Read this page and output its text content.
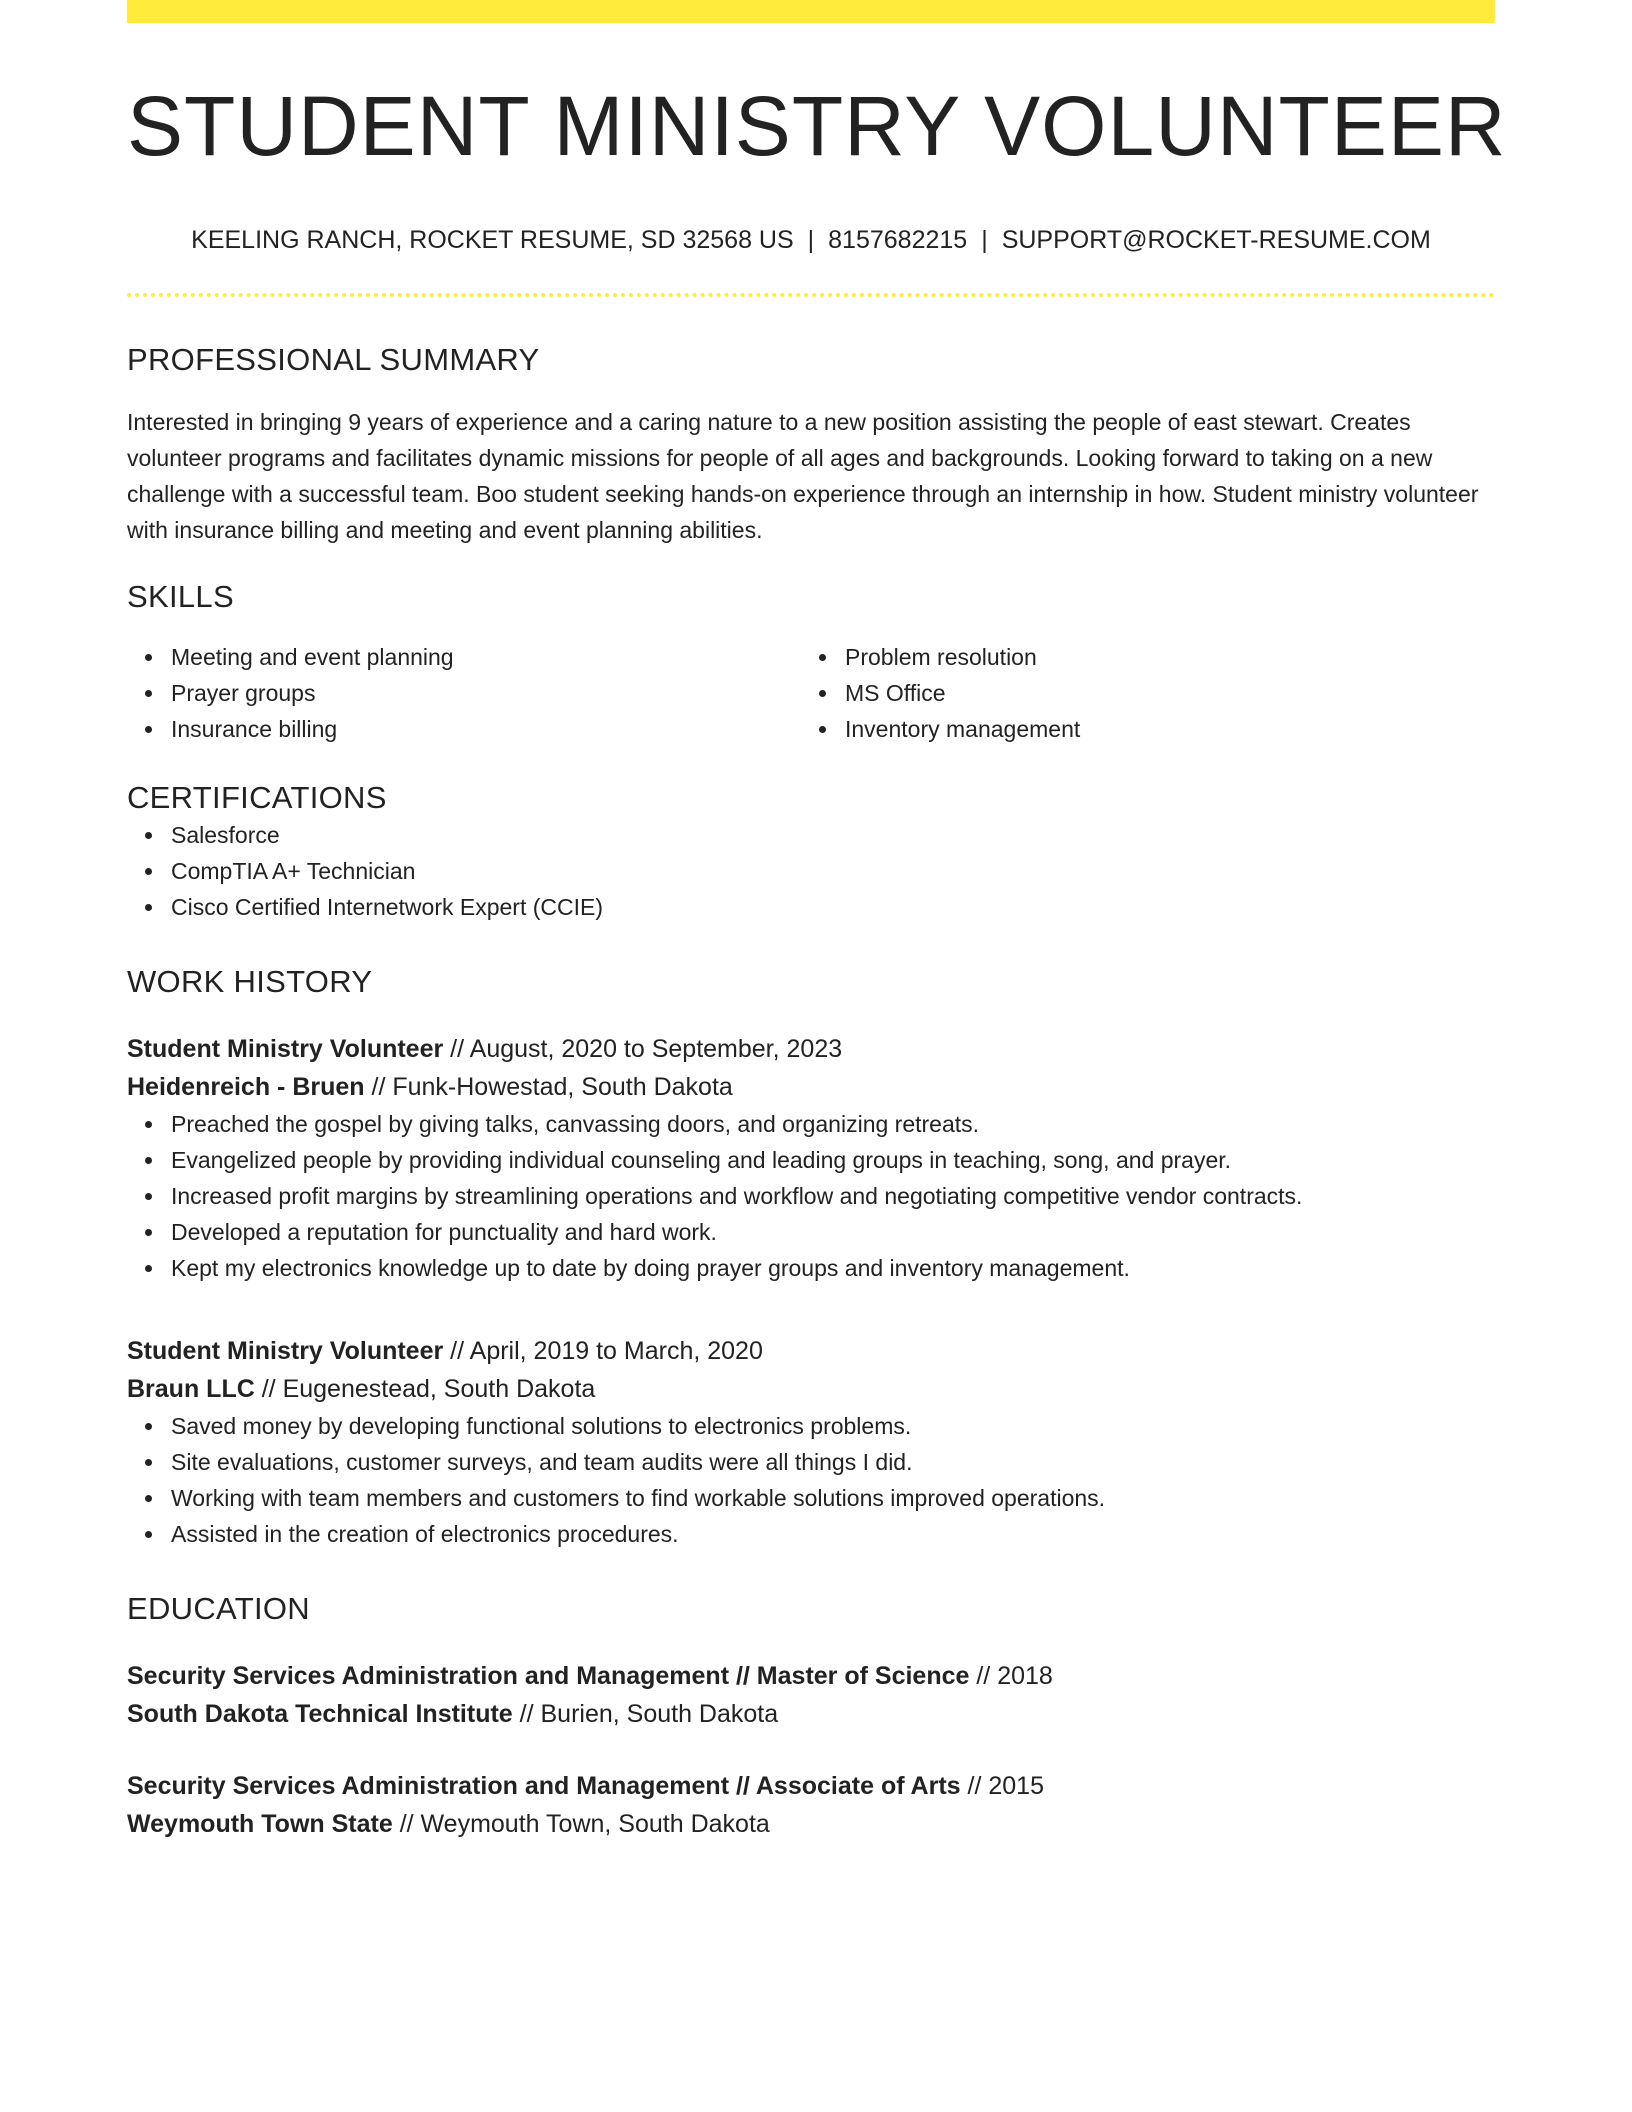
STUDENT MINISTRY VOLUNTEER
KEELING RANCH, ROCKET RESUME, SD 32568 US | 8157682215 | SUPPORT@ROCKET-RESUME.COM
PROFESSIONAL SUMMARY
Interested in bringing 9 years of experience and a caring nature to a new position assisting the people of east stewart. Creates volunteer programs and facilitates dynamic missions for people of all ages and backgrounds. Looking forward to taking on a new challenge with a successful team. Boo student seeking hands-on experience through an internship in how. Student ministry volunteer with insurance billing and meeting and event planning abilities.
SKILLS
Meeting and event planning
Prayer groups
Insurance billing
Problem resolution
MS Office
Inventory management
CERTIFICATIONS
Salesforce
CompTIA A+ Technician
Cisco Certified Internetwork Expert (CCIE)
WORK HISTORY
Student Ministry Volunteer // August, 2020 to September, 2023
Heidenreich - Bruen // Funk-Howestad, South Dakota
Preached the gospel by giving talks, canvassing doors, and organizing retreats.
Evangelized people by providing individual counseling and leading groups in teaching, song, and prayer.
Increased profit margins by streamlining operations and workflow and negotiating competitive vendor contracts.
Developed a reputation for punctuality and hard work.
Kept my electronics knowledge up to date by doing prayer groups and inventory management.
Student Ministry Volunteer // April, 2019 to March, 2020
Braun LLC // Eugenestead, South Dakota
Saved money by developing functional solutions to electronics problems.
Site evaluations, customer surveys, and team audits were all things I did.
Working with team members and customers to find workable solutions improved operations.
Assisted in the creation of electronics procedures.
EDUCATION
Security Services Administration and Management // Master of Science // 2018
South Dakota Technical Institute // Burien, South Dakota
Security Services Administration and Management // Associate of Arts // 2015
Weymouth Town State // Weymouth Town, South Dakota
